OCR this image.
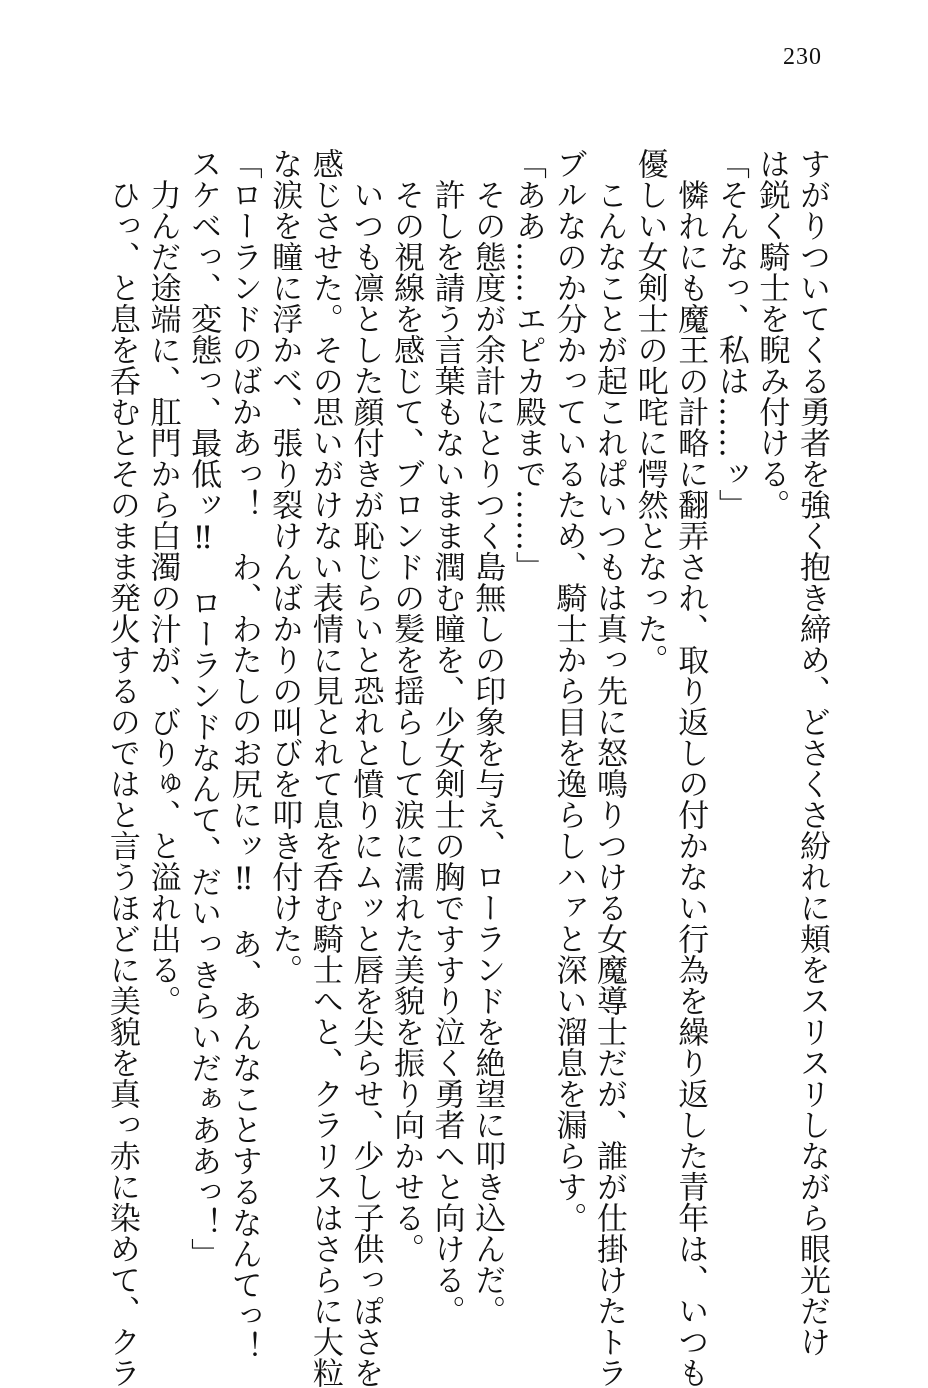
230

すがりついてくる勇者を強く抱き締め、どさくさ紛れに頬をスリスリしながら眼光だけ

は鋭く騎士を睨み付ける。

「そんなっ、私は……ッ」

　憐れにも魔王の計略に翻弄され、取り返しの付かない行為を繰り返した青年は、いつも

優しい女剣士の叱咤に愕然となった。

　こんなことが起これぱいつもは真っ先に怒鳴りつける女魔導士だが、誰が仕掛けたトラ

ブルなのか分かっているため、騎士から目を逸らしハァと深い溜息を漏らす。

「ああ……エピカ殿まで……」

　その態度が余計にとりつく島無しの印象を与え、ローランドを絶望に叩き込んだ。

　許しを請う言葉もないまま潤む瞳を、少女剣士の胸ですすり泣く勇者へと向ける。

　その視線を感じて、ブロンドの髪を揺らして涙に濡れた美貌を振り向かせる。

　いつも凛とした顔付きが恥じらいと恐れと憤りにムッと唇を尖らせ、少し子供っぽさを

感じさせた。その思いがけない表情に見とれて息を呑む騎士へと、クラリスはさらに大粒

な涙を瞳に浮かべ、張り裂けんばかりの叫びを叩き付けた。

「ローランドのばかあっ！　わ、わたしのお尻にッ‼　あ、あんなことするなんてっ！

スケベっ、変態っ、最低ッ‼　ローランドなんて、だいっきらいだぁああっ！」

　力んだ途端に、肛門から白濁の汁が、びりゅ、と溢れ出る。

　ひっ、と息を呑むとそのまま発火するのではと言うほどに美貌を真っ赤に染めて、クラ
